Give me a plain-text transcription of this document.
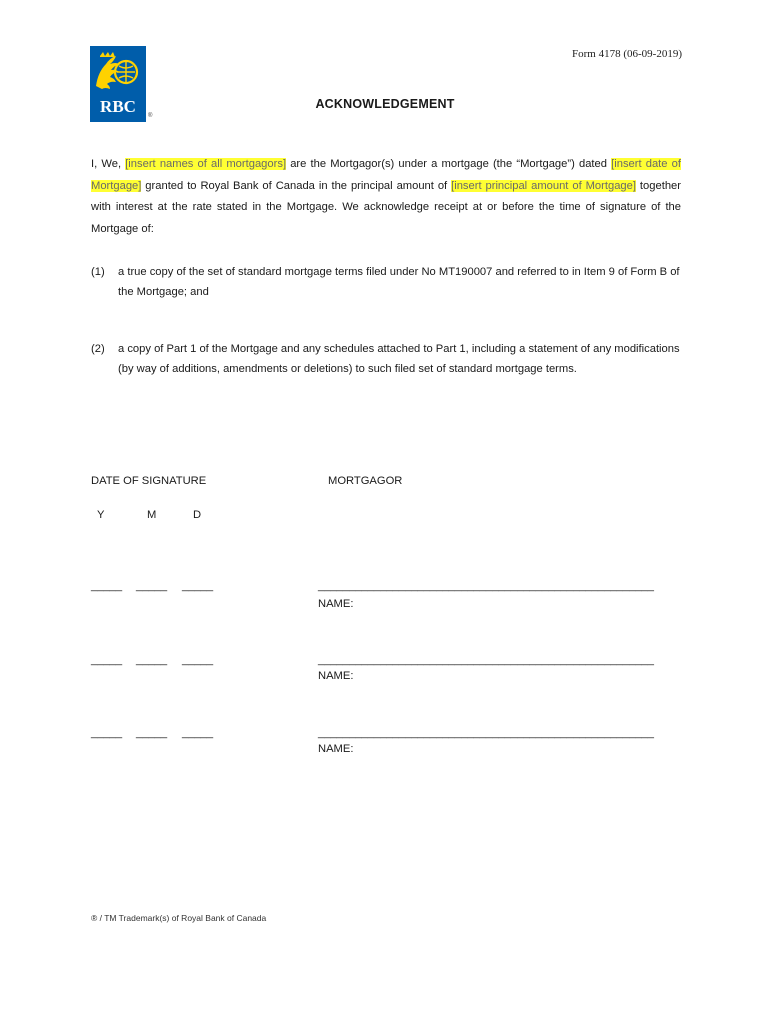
Form 4178 (06-09-2019)
RBC ®
ACKNOWLEDGEMENT
I, We, [insert names of all mortgagors] are the Mortgagor(s) under a mortgage (the “Mortgage”) dated [insert date of Mortgage] granted to Royal Bank of Canada in the principal amount of [insert principal amount of Mortgage] together with interest at the rate stated in the Mortgage. We acknowledge receipt at or before the time of signature of the Mortgage of:
(1) a true copy of the set of standard mortgage terms filed under No MT190007 and referred to in Item 9 of Form B of the Mortgage; and
(2) a copy of Part 1 of the Mortgage and any schedules attached to Part 1, including a statement of any modifications (by way of additions, amendments or deletions) to such filed set of standard mortgage terms.
DATE OF SIGNATURE	MORTGAGOR
Y	M	D
_____ _____ _____	______________________________________________________
NAME:
_____ _____ _____	______________________________________________________
NAME:
_____ _____ _____	______________________________________________________
NAME:
® / TM Trademark(s) of Royal Bank of Canada
